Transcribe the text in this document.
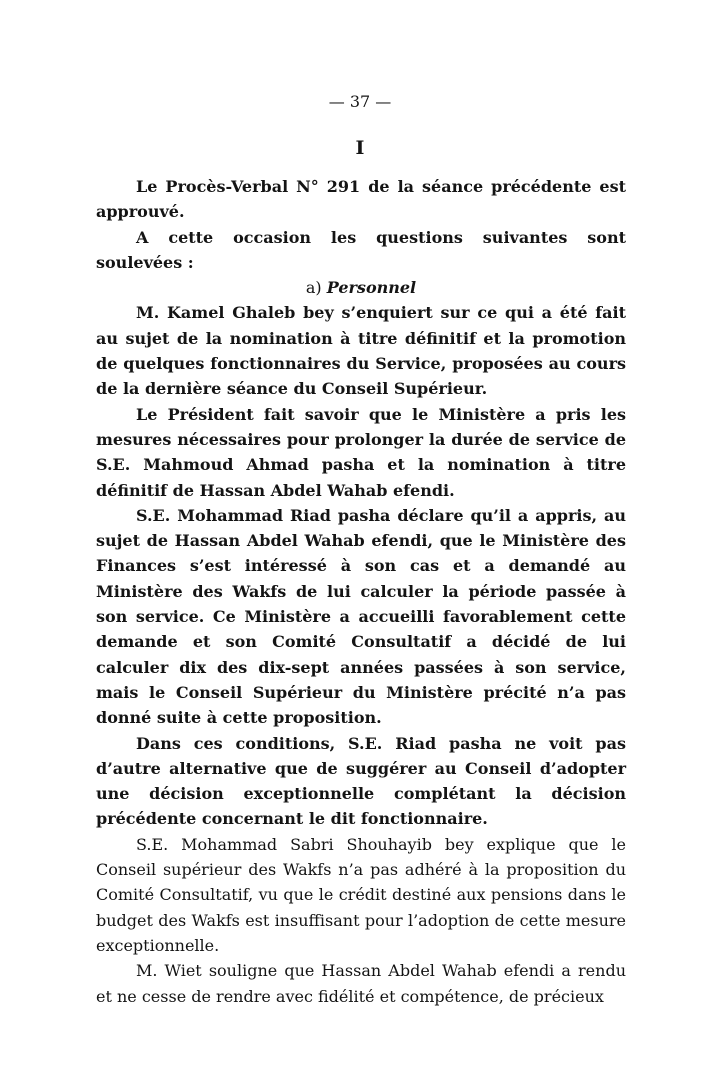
— 37 —
I

Le Procès-Verbal N° 291 de la séance précédente est approuvé.

A cette occasion les questions suivantes sont soulevées :

a) Personnel

M. Kamel Ghaleb bey s’enquiert sur ce qui a été fait au sujet de la nomination à titre définitif et la promotion de quelques fonctionnaires du Service, proposées au cours de la dernière séance du Conseil Supérieur.

Le Président fait savoir que le Ministère a pris les mesures nécessaires pour prolonger la durée de service de S.E. Mahmoud Ahmad pasha et la nomination à titre définitif de Hassan Abdel Wahab efendi.

S.E. Mohammad Riad pasha déclare qu’il a appris, au sujet de Hassan Abdel Wahab efendi, que le Ministère des Finances s’est intéressé à son cas et a demandé au Ministère des Wakfs de lui calculer la période passée à son service. Ce Ministère a accueilli favorablement cette demande et son Comité Consultatif a décidé de lui calculer dix des dix-sept années passées à son service, mais le Conseil Supérieur du Ministère précité n’a pas donné suite à cette proposition.

Dans ces conditions, S.E. Riad pasha ne voit pas d’autre alternative que de suggérer au Conseil d’adopter une décision exceptionnelle complétant la décision précédente concernant le dit fonctionnaire.

S.E. Mohammad Sabri Shouhayib bey explique que le Conseil supérieur des Wakfs n’a pas adhéré à la proposition du Comité Consultatif, vu que le crédit destiné aux pensions dans le budget des Wakfs est insuffisant pour l’adoption de cette mesure exceptionnelle.

M. Wiet souligne que Hassan Abdel Wahab efendi a rendu et ne cesse de rendre avec fidélité et compétence, de précieux
